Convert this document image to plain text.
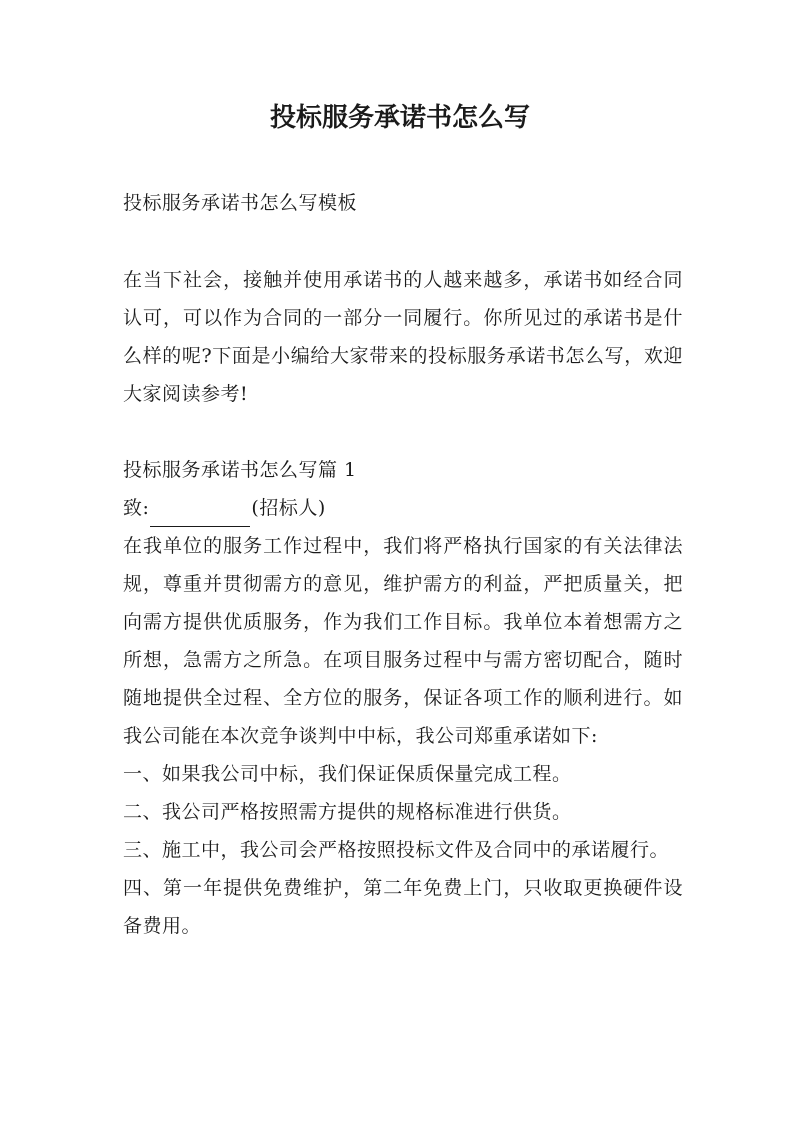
投标服务承诺书怎么写

投标服务承诺书怎么写模板

在当下社会，接触并使用承诺书的人越来越多，承诺书如经合同认可，可以作为合同的一部分一同履行。你所见过的承诺书是什么样的呢?下面是小编给大家带来的投标服务承诺书怎么写，欢迎大家阅读参考!

投标服务承诺书怎么写篇 1

致:	(招标人)

在我单位的服务工作过程中，我们将严格执行国家的有关法律法规，尊重并贯彻需方的意见，维护需方的利益，严把质量关，把向需方提供优质服务，作为我们工作目标。我单位本着想需方之所想，急需方之所急。在项目服务过程中与需方密切配合，随时随地提供全过程、全方位的服务，保证各项工作的顺利进行。如我公司能在本次竞争谈判中中标，我公司郑重承诺如下:

一、如果我公司中标，我们保证保质保量完成工程。

二、我公司严格按照需方提供的规格标准进行供货。

三、施工中，我公司会严格按照投标文件及合同中的承诺履行。

四、第一年提供免费维护，第二年免费上门，只收取更换硬件设备费用。
